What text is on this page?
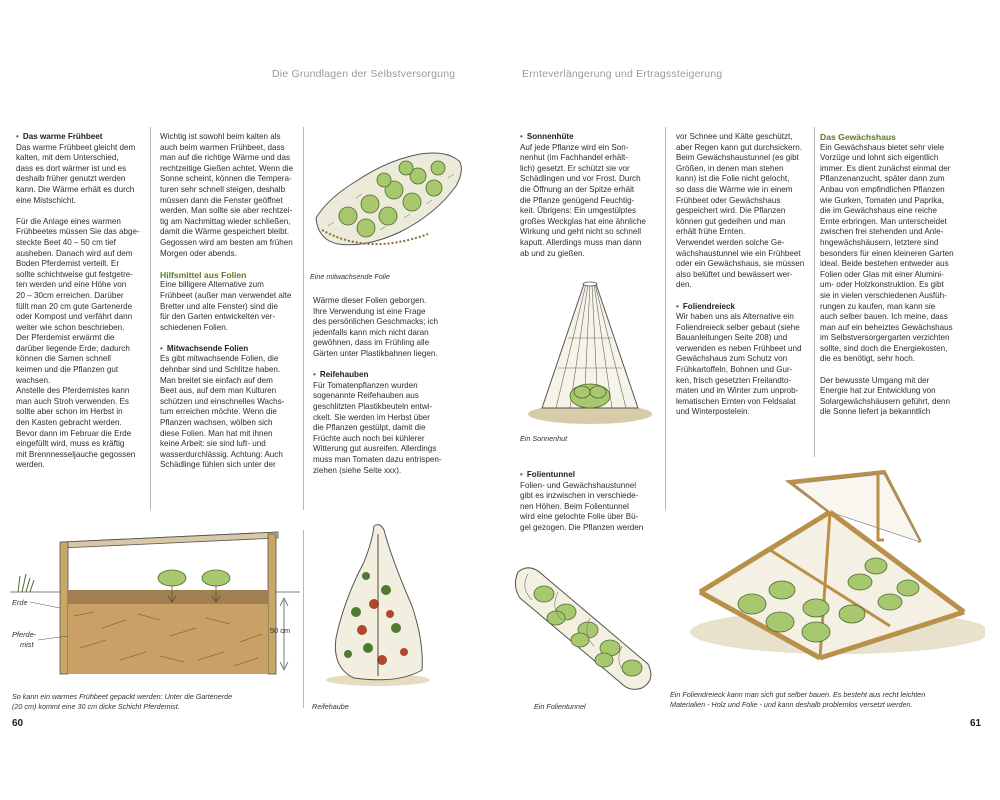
Die Grundlagen der Selbstversorgung	Ernteverlängerung und Ertragssteigerung

• Das warme Frühbeet

Das warme Frühbeet gleicht dem
kalten, mit dem Unterschied,
dass es dort wärmer ist und es
deshalb früher genutzt werden
kann. Die Wärme erhält es durch
eine Mistschicht.
Für die Anlage eines warmen
Frühbeetes müssen Sie das abge-
steckte Beet 40 – 50 cm tief
ausheben. Danach wird auf dem
Boden Pferdemist verteilt. Er
sollte schichtweise gut festgetre-
ten werden und eine Höhe von
20 – 30cm erreichen. Darüber
füllt man 20 cm gute Gartenerde
oder Kompost und verfährt dann
weiter wie schon beschrieben.
Der Pferdemist erwärmt die
darüber liegende Erde; dadurch
können die Samen schnell
keimen und die Pflanzen gut
wachsen.
Anstelle des Pferdemistes kann
man auch Stroh verwenden. Es
sollte aber schon im Herbst in
den Kasten gebracht werden.
Bevor dann im Februar die Erde
eingefüllt wird, muss es kräftig
mit Brennnesseljauche gegossen
werden.
Wichtig ist sowohl beim kalten als
auch beim warmen Frühbeet, dass
man auf die richtige Wärme und das
rechtzeitige Gießen achtet. Wenn die
Sonne scheint, können die Tempera-
turen sehr schnell steigen, deshalb
müssen dann die Fenster geöffnet
werden. Man sollte sie aber rechtzei-
tig am Nachmittag wieder schließen,
damit die Wärme gespeichert bleibt.
Gegossen wird am besten am frühen
Morgen oder abends.

Hilfsmittel aus Folien

Eine billigere Alternative zum
Frühbeet (außer man verwendet alte
Bretter und alte Fenster) sind die
für den Garten entwickelten ver-
schiedenen Folien.

• Mitwachsende Folien

Es gibt mitwachsende Folien, die
dehnbar sind und Schlitze haben.
Man breitet sie einfach auf dem
Beet aus, auf dem man Kulturen
schützen und einschnelles Wachs-
tum erreichen möchte. Wenn die
Pflanzen wachsen, wölben sich
diese Folien. Man hat mit ihnen
keine Arbeit: sie sind luft- und
wasserdurchlässig. Achtung: Auch
Schädlinge fühlen sich unter der
Eine mitwachsende Folie
Wärme dieser Folien geborgen.
Ihre Verwendung ist eine Frage
des persönlichen Geschmacks; ich
jedenfalls kann mich nicht daran
gewöhnen, dass im Frühling alle
Gärten unter Plastikbahnen liegen.

• Reifehauben

Für Tomatenpflanzen wurden
sogenannte Reifehauben aus
geschlitzten Plastikbeuteln entwi-
ckelt. Sie werden im Herbst über
die Pflanzen gestülpt, damit die
Früchte auch noch bei kühlerer
Witterung gut ausreifen. Allerdings
muss man Tomaten dazu entrispen-
ziehen (siehe Seite xxx).
Erde
Pferde-
mist
50 cm
So kann ein warmes Frühbeet gepackt werden: Unter die Gartenerde
(20 cm) kommt eine 30 cm dicke Schicht Pferdemist.	Reifehaube
60

• Sonnenhüte

Auf jede Pflanze wird ein Son-
nenhut (im Fachhandel erhält-
lich) gesetzt. Er schützt sie vor
Schädlingen und vor Frost. Durch
die Öffnung an der Spitze erhält
die Pflanze genügend Feuchtig-
keit. Übrigens: Ein umgestülptes
großes Weckglas hat eine ähnliche
Wirkung und geht nicht so schnell
kaputt. Allerdings muss man dann
ab und zu gießen.
Ein Sonnenhut

• Folientunnel

Folien- und Gewächshaustunnel
gibt es inzwischen in verschiede-
nen Höhen. Beim Folientunnel
wird eine gelochte Folie über Bü-
gel gezogen. Die Pflanzen werden
vor Schnee und Kälte geschützt,
aber Regen kann gut durchsickern.
Beim Gewächshaustunnel (es gibt
Größen, in denen man stehen
kann) ist die Folie nicht gelocht,
so dass die Wärme wie in einem
Frühbeet oder Gewächshaus
gespeichert wird. Die Pflanzen
können gut gedeihen und man
erhält frühe Ernten.
Verwendet werden solche Ge-
wächshaustunnel wie ein Frühbeet
oder ein Gewächshaus, sie müssen
also belüftet und bewässert wer-
den.

• Foliendreieck

Wir haben uns als Alternative ein
Foliendreieck selber gebaut (siehe
Bauanleitungen Seite 208) und
verwenden es neben Frühbeet und
Gewächshaus zum Schutz von
Frühkartoffeln, Bohnen und Gur-
ken, frisch gesetzten Freilandto-
maten und im Winter zum unprob-
lematischen Ernten von Feldsalat
und Winterpostelein.

Das Gewächshaus

Ein Gewächshaus bietet sehr viele
Vorzüge und lohnt sich eigentlich
immer. Es dient zunächst einmal der
Pflanzenanzucht, später dann zum
Anbau von empfindlichen Pflanzen
wie Gurken, Tomaten und Paprika,
die im Gewächshaus eine reiche
Ernte erbringen. Man unterscheidet
zwischen frei stehenden und Anle-
hngewächshäusern, letztere sind
besonders für einen kleineren Garten
ideal. Beide bestehen entweder aus
Folien oder Glas mit einer Alumini-
um- oder Holzkonstruktion. Es gibt
sie in vielen verschiedenen Ausfüh-
rungen zu kaufen, man kann sie
auch selber bauen. Ich meine, dass
man auf ein beheiztes Gewächshaus
im Selbstversorgergarten verzichten
sollte, sind doch die Energiekosten,
die es benötigt, sehr hoch.
Der bewusste Umgang mit der
Energie hat zur Entwicklung von
Solargewächshäusern geführt, denn
die Sonne liefert ja bekanntlich
Ein Folientunnel
Ein Foliendreieck kann man sich gut selber bauen. Es besteht aus recht leichten
Materialien - Holz und Folie - und kann deshalb problemlos versetzt werden.
61
